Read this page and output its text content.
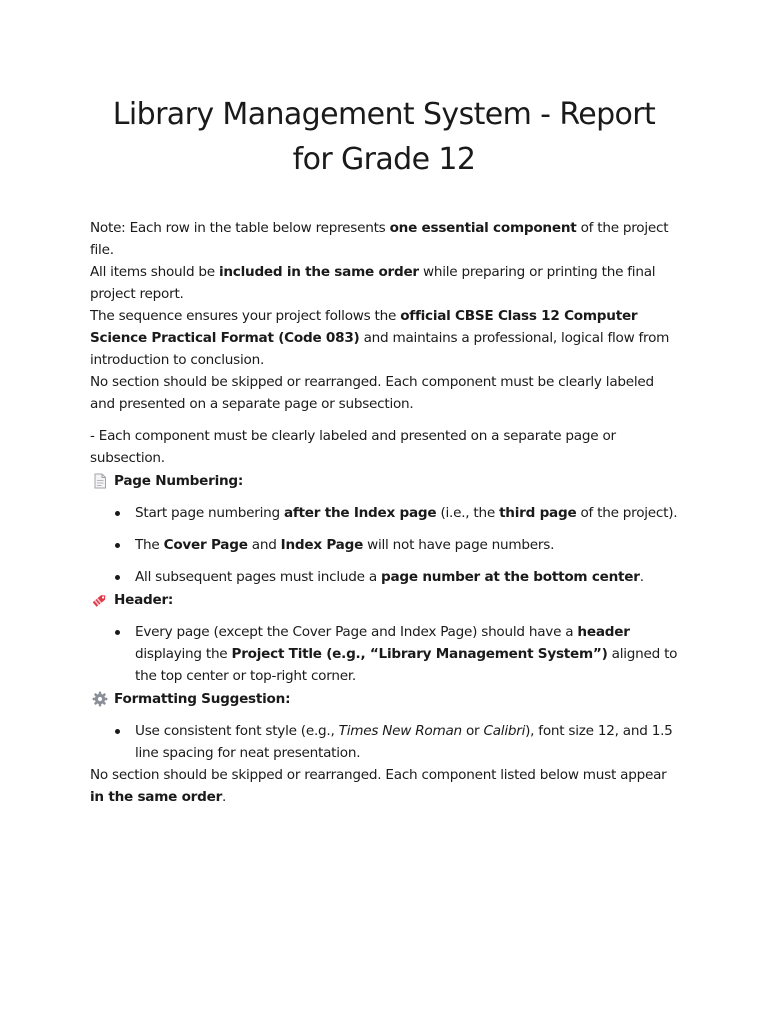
Library Management System - Report for Grade 12

Note: Each row in the table below represents one essential component of the project file.
All items should be included in the same order while preparing or printing the final project report.
The sequence ensures your project follows the official CBSE Class 12 Computer Science Practical Format (Code 083) and maintains a professional, logical flow from introduction to conclusion.
No section should be skipped or rearranged. Each component must be clearly labeled and presented on a separate page or subsection.

- Each component must be clearly labeled and presented on a separate page or subsection.

Page Numbering:

Start page numbering after the Index page (i.e., the third page of the project).
The Cover Page and Index Page will not have page numbers.
All subsequent pages must include a page number at the bottom center.

Header:

Every page (except the Cover Page and Index Page) should have a header displaying the Project Title (e.g., “Library Management System”) aligned to the top center or top-right corner.

Formatting Suggestion:

Use consistent font style (e.g., Times New Roman or Calibri), font size 12, and 1.5 line spacing for neat presentation.

No section should be skipped or rearranged. Each component listed below must appear in the same order.
